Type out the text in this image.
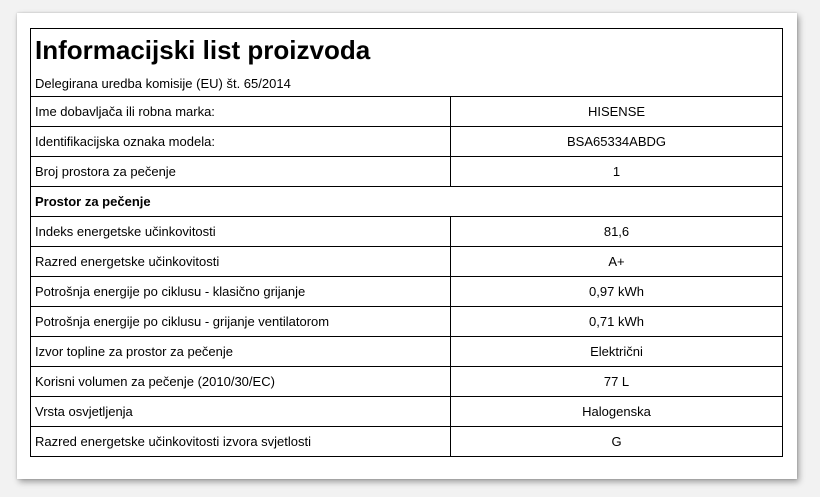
Informacijski list proizvoda	
Delegirana uredba komisije (EU) št. 65/2014	
Ime dobavljača ili robna marka:	HISENSE
Identifikacijska oznaka modela:	BSA65334ABDG
Broj prostora za pečenje	1
Prostor za pečenje	
Indeks energetske učinkovitosti	81,6
Razred energetske učinkovitosti	A+
Potrošnja energije po ciklusu - klasično grijanje	0,97 kWh
Potrošnja energije po ciklusu - grijanje ventilatorom	0,71 kWh
Izvor topline za prostor za pečenje	Električni
Korisni volumen za pečenje (2010/30/EC)	77 L
Vrsta osvjetljenja	Halogenska
Razred energetske učinkovitosti izvora svjetlosti	G
